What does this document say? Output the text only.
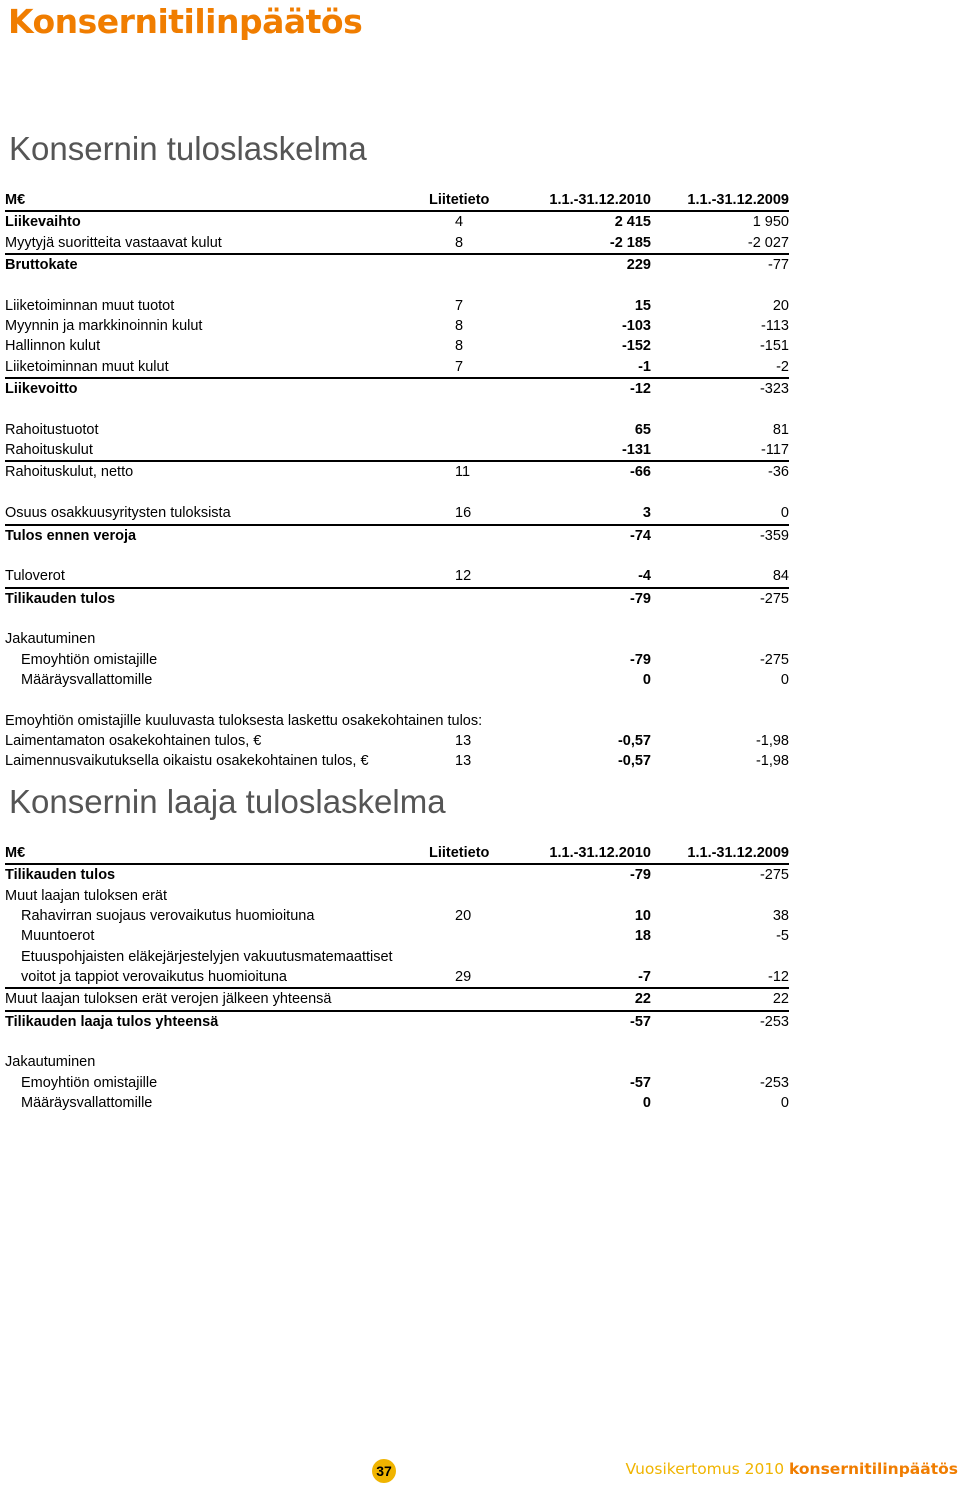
Konsernitilinpäätös
Konsernin tuloslaskelma
M€	Liitetieto	1.1.-31.12.2010	1.1.-31.12.2009
Liikevaihto	4	2 415	1 950
Myytyjä suoritteita vastaavat kulut	8	-2 185	-2 027
Bruttokate		229	-77

Liiketoiminnan muut tuotot	7	15	20
Myynnin ja markkinoinnin kulut	8	-103	-113
Hallinnon kulut	8	-152	-151
Liiketoiminnan muut kulut	7	-1	-2
Liikevoitto		-12	-323

Rahoitustuotot		65	81
Rahoituskulut		-131	-117
Rahoituskulut, netto	11	-66	-36

Osuus osakkuusyritysten tuloksista	16	3	0
Tulos ennen veroja		-74	-359

Tuloverot	12	-4	84
Tilikauden tulos		-79	-275

Jakautuminen			
Emoyhtiön omistajille		-79	-275
Määräysvallattomille		0	0

Emoyhtiön omistajille kuuluvasta tuloksesta laskettu osakekohtainen tulos:			
Laimentamaton osakekohtainen tulos, €	13	-0,57	-1,98
Laimennusvaikutuksella oikaistu osakekohtainen tulos, €	13	-0,57	-1,98
Konsernin laaja tuloslaskelma
M€	Liitetieto	1.1.-31.12.2010	1.1.-31.12.2009
Tilikauden tulos		-79	-275
Muut laajan tuloksen erät			
Rahavirran suojaus verovaikutus huomioituna	20	10	38
Muuntoerot		18	-5
Etuuspohjaisten eläkejärjestelyjen vakuutusmatemaattiset			
voitot ja tappiot verovaikutus huomioituna	29	-7	-12
Muut laajan tuloksen erät verojen jälkeen yhteensä		22	22
Tilikauden laaja tulos yhteensä		-57	-253

Jakautuminen			
Emoyhtiön omistajille		-57	-253
Määräysvallattomille		0	0
37	Vuosikertomus 2010 konsernitilinpäätös
